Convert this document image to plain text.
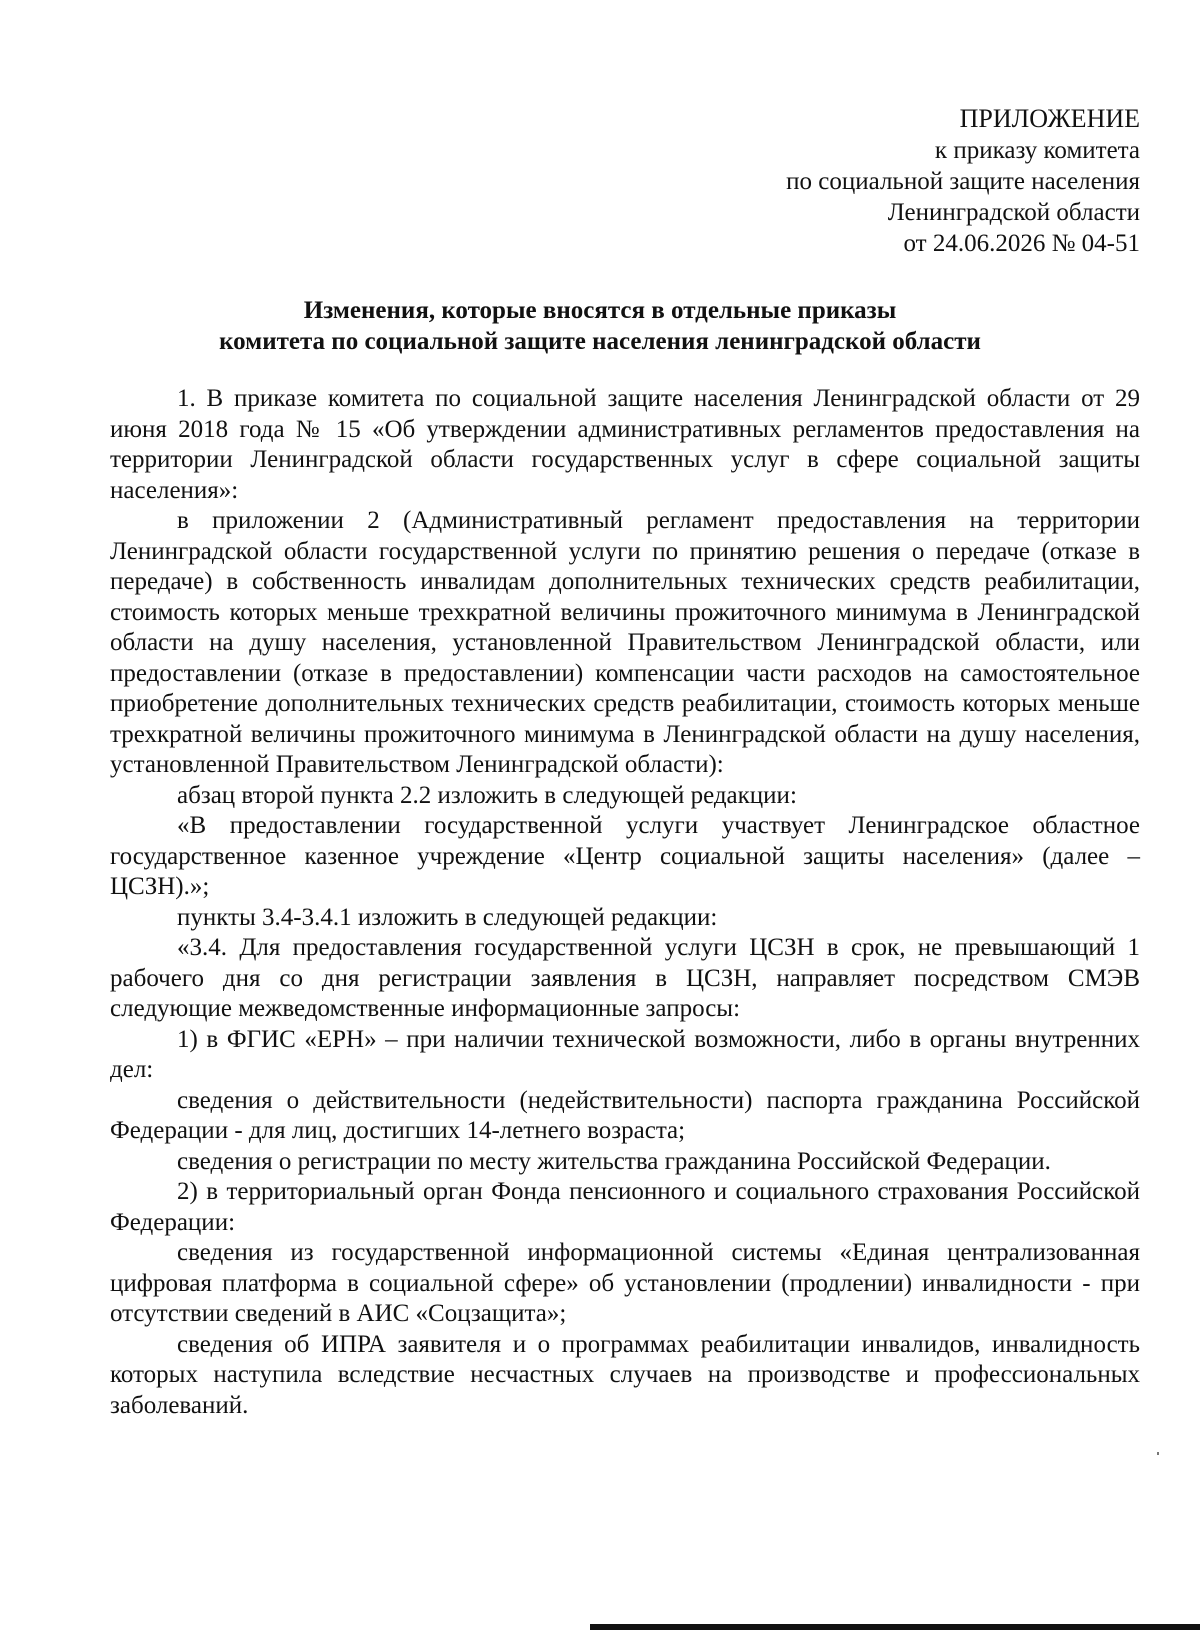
ПРИЛОЖЕНИЕ
к приказу комитета
по социальной защите населения
Ленинградской области
от 24.06.2026 № 04-51
Изменения, которые вносятся в отдельные приказы
комитета по социальной защите населения ленинградской области

1. В приказе комитета по социальной защите населения Ленинградской области от 29 июня 2018 года № 15 «Об утверждении административных регламентов предоставления на территории Ленинградской области государственных услуг в сфере социальной защиты населения»:

в приложении 2 (Административный регламент предоставления на территории Ленинградской области государственной услуги по принятию решения о передаче (отказе в передаче) в собственность инвалидам дополнительных технических средств реабилитации, стоимость которых меньше трехкратной величины прожиточного минимума в Ленинградской области на душу населения, установленной Правительством Ленинградской области, или предоставлении (отказе в предоставлении) компенсации части расходов на самостоятельное приобретение дополнительных технических средств реабилитации, стоимость которых меньше трехкратной величины прожиточного минимума в Ленинградской области на душу населения, установленной Правительством Ленинградской области):

абзац второй пункта 2.2 изложить в следующей редакции:

«В предоставлении государственной услуги участвует Ленинградское областное государственное казенное учреждение «Центр социальной защиты населения» (далее – ЦСЗН).»;

пункты 3.4-3.4.1 изложить в следующей редакции:

«3.4. Для предоставления государственной услуги ЦСЗН в срок, не превышающий 1 рабочего дня со дня регистрации заявления в ЦСЗН, направляет посредством СМЭВ следующие межведомственные информационные запросы:

1) в ФГИС «ЕРН» – при наличии технической возможности, либо в органы внутренних дел:

сведения о действительности (недействительности) паспорта гражданина Российской Федерации - для лиц, достигших 14-летнего возраста;

сведения о регистрации по месту жительства гражданина Российской Федерации.

2) в территориальный орган Фонда пенсионного и социального страхования Российской Федерации:

сведения из государственной информационной системы «Единая централизованная цифровая платформа в социальной сфере» об установлении (продлении) инвалидности - при отсутствии сведений в АИС «Соцзащита»;

сведения об ИПРА заявителя и о программах реабилитации инвалидов, инвалидность которых наступила вследствие несчастных случаев на производстве и профессиональных заболеваний.
